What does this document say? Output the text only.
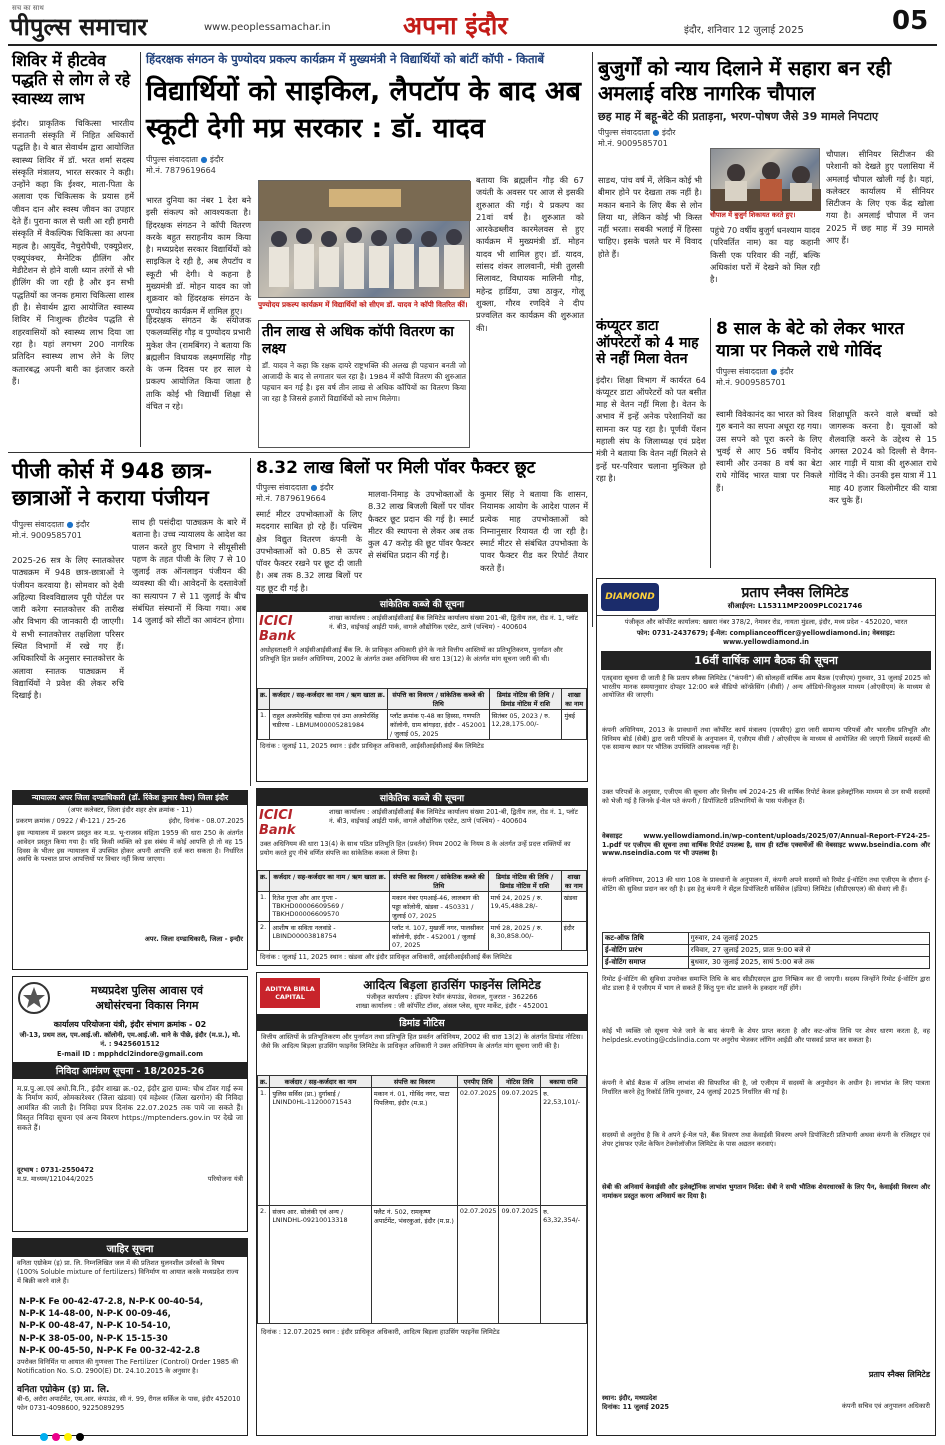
सच का साथ
पीपुल्स समाचार	www.peoplessamachar.in	अपना इंदौर	इंदौर, शनिवार 12 जुलाई 2025	05
शिविर में हीटवेव पद्धति से लोग ले रहे स्वास्थ्य लाभ
इंदौर। प्राकृतिक चिकित्सा भारतीय सनातनी संस्कृति में निहित अधिकारों पद्धति है। ये बात सेवार्थम द्वारा आयोजित स्वास्थ्य शिविर में डॉ. भरत शर्मा सदस्य संस्कृति मंत्रालय, भारत सरकार ने कही। उन्होंने कहा कि ईश्वर, माता-पिता के अलावा एक चिकित्सक के प्रयास हमें जीवन दान और स्वस्थ जीवन का उपहार देते हैं। पुराना काल से चली आ रही हमारी संस्कृति में वैकल्पिक चिकित्सा का अपना महत्व है। आयुर्वेद, नैचुरोपैथी, एक्यूप्रेशर, एक्यूपंक्चर, मैग्नेटिक हीलिंग और मेडीटेशन से होने वाली ध्यान तरंगों से भी हीलिंग की जा रही है और इन सभी पद्धतियों का जनक हमारा चिकित्सा शास्त्र ही है। सेवार्थम द्वारा आयोजित स्वास्थ्य शिविर में निःशुल्क हीटवेव पद्धति से शहरवासियों को स्वास्थ्य लाभ दिया जा रहा है। यहां लगभग 200 नागरिक प्रतिदिन स्वास्थ्य लाभ लेने के लिए कतारबद्ध अपनी बारी का इंतजार करते हैं।
हिंदरक्षक संगठन के पुण्योदय प्रकल्प कार्यक्रम में मुख्यमंत्री ने विद्यार्थियों को बांटीं कॉपी - किताबें
विद्यार्थियों को साइकिल, लैपटॉप के बाद अब स्कूटी देगी मप्र सरकार : डॉ. यादव
पीपुल्स संवाददाता ● इंदौर
मो.नं. 7879619664
भारत दुनिया का नंबर 1 देश बने इसी संकल्प को आवश्यकता है। हिंदरक्षक संगठन ने कॉपी वितरण करके बहुत सराहनीय काम किया है। मध्यप्रदेश सरकार विद्यार्थियों को साइकिल दे रही है, अब लैपटॉप व स्कूटी भी देगी। ये कहना है मुख्यमंत्री डॉ. मोहन यादव का जो शुक्रवार को हिंदरक्षक संगठन के पुण्योदय कार्यक्रम में शामिल हुए।
हिंदरक्षक संगठन के संयोजक एकलव्यसिंह गौड़ व पुण्योदय प्रभारी मुकेश जैन (रामबिंगर) ने बताया कि ब्रह्मलीन विधायक लक्ष्मणसिंह गौड़ के जन्म दिवस पर हर साल ये प्रकल्प आयोजित किया जाता है ताकि कोई भी विद्यार्थी शिक्षा से वंचित न रहे।
पुण्योदय प्रकल्प कार्यक्रम में विद्यार्थियों को सीएम डॉ. यादव ने कॉपी वितरित कीं।
तीन लाख से अधिक कॉपी वितरण का लक्ष्य
डॉ. यादव ने कहा कि रक्षक दायरे राष्ट्रभक्ति की अलख ही पहचान बनती जो आजादी के बाद से लगातार चल रहा है। 1984 में कॉपी वितरण की शुरुआत पहचान बन गई है। इस वर्ष तीन लाख से अधिक कॉपियों का वितरण किया जा रहा है जिससे हजारों विद्यार्थियों को लाभ मिलेगा।
बताया कि ब्रह्मलीन गौड़ की 67 जयंती के अवसर पर आज से इसकी शुरुआत की गई। ये प्रकल्प का 21वां वर्ष है। शुरुआत को आरकेडब्लीव कारमेलवस से हुए कार्यक्रम में मुख्यमंत्री डॉ. मोहन यादव भी शामिल हुए। डॉ. यादव, सांसद शंकर लालवानी, मंत्री तुलसी सिलावट, विधायक मालिनी गौड़, महेन्द्र हार्डिया, उषा ठाकुर, गोलू शुक्ला, गौरव रणदिवे ने दीप प्रज्वलित कर कार्यक्रम की शुरुआत की।
बुजुर्गों को न्याय दिलाने में सहारा बन रही अमलाई वरिष्ठ नागरिक चौपाल
छह माह में बहू-बेटे की प्रताड़ना, भरण-पोषण जैसे 39 मामले निपटाए
पीपुल्स संवाददाता ● इंदौर
मो.नं. 9009585701
साडथ, पांच वर्ष में, लेकिन कोई भी बीमार होने पर देखता तक नहीं है। मकान बनाने के लिए बैंक से लोन लिया था, लेकिन कोई भी किस्त नहीं भरता। सबकी भलाई में हिस्सा चाहिए। इसके चलते घर में विवाद होते हैं।
चौपाल में बुजुर्ग शिकायत करते हुए।
पहुंचे 70 वर्षीय बुजुर्ग धनश्याम यादव (परिवर्तित नाम) का यह कहानी किसी एक परिवार की नहीं, बल्कि अधिकांश घरों में देखने को मिल रही है।
चौपाल। सीनियर सिटीजन की परेशानी को देखते हुए पलासिया में अमलाई चौपाल खोली गई है। यहां, कलेक्टर कार्यालय में सीनियर सिटीजन के लिए एक केंद्र खोला गया है। अमलाई चौपाल में जन 2025 में छह माह में 39 मामले आए हैं।
कंप्यूटर डाटा ऑपरेटरों को 4 माह से नहीं मिला वेतन
इंदौर। शिक्षा विभाग में कार्यरत 64 कंप्यूटर डाटा ऑपरेटरों को पत बसीत माह से वेतन नहीं मिला है। वेतन के अभाव में इन्हें अनेक परेशानियों का सामना कर पड़ रहा है। पूर्णवी पेंशन महाली संघ के जिलाध्यक्ष एवं प्रदेश मंत्री ने बताया कि वेतन नहीं मिलने से इन्हें घर-परिवार चलाना मुश्किल हो रहा है।
8 साल के बेटे को लेकर भारत यात्रा पर निकले राधे गोविंद
पीपुल्स संवाददाता ● इंदौर
मो.नं. 9009585701
स्वामी विवेकानंद का भारत को विश्व गुरु बनाने का सपना अधूरा रह गया। उस सपने को पूरा करने के लिए भुवई से आए 56 वर्षीय विनोद स्वामी और उनका 8 वर्ष का बेटा राधे गोविंद भारत यात्रा पर निकले हैं।
शिक्षाधूति करने वाले बच्चों को जागरूक करना है। यूवाओं को शैलवाज़ि करने के उद्देश्य से 15 अगस्त 2024 को दिल्ली से वैगन-आर गाड़ी में यात्रा की शुरुआत राधे गोविंद ने की। उनकी इस यात्रा में 11 माह 40 हजार किलोमीटर की यात्रा कर चुके हैं।
पीजी कोर्स में 948 छात्र-छात्राओं ने कराया पंजीयन
पीपुल्स संवाददाता ● इंदौर
मो.नं. 9009585701
2025-26 सत्र के लिए स्नातकोत्तर पाठ्यक्रम में 948 छात्र-छात्राओं ने पंजीयन करवाया है। सोमवार को देवी अहिल्या विश्वविद्यालय पूरी पोर्टल पर जारी करेगा स्नातकोत्तर की तारीख और विभाग की जानकारी दी जाएगी। ये सभी स्नातकोत्तर तक्षशिला परिसर स्थित विभागों में रखे गए हैं। अधिकारियों के अनुसार स्नातकोत्तर के अलावा स्नातक पाठ्यक्रम में विद्यार्थियों ने प्रवेश की लेकर रुचि दिखाई है।
साथ ही पसंदीदा पाठ्यक्रम के बारे में बताना है। उच्च न्यायालय के आदेश का पालन करते हुए विभाग ने सीयूसीसी पहण के तहत पीजी के लिए 7 से 10 जुलाई तक ऑनलाइन पंजीयन की व्यवस्था की थी। आवेदनों के दस्तावेजों का सत्यापन 7 से 11 जुलाई के बीच संबंधित संस्थानों में किया गया। अब 14 जुलाई को सीटों का आवंटन होगा।
8.32 लाख बिलों पर मिली पॉवर फैक्टर छूट
पीपुल्स संवाददाता ● इंदौर
मो.नं. 7879619664
स्मार्ट मीटर उपभोक्ताओं के लिए मददगार साबित हो रहे हैं। पश्चिम क्षेत्र विद्युत वितरण कंपनी के उपभोक्ताओं को 0.85 से ऊपर पॉवर फैक्टर रखने पर छूट दी जाती है। अब तक 8.32 लाख बिलों पर यह छूट दी गई है।
मालवा-निमाड़ के उपभोक्ताओं के 8.32 लाख बिजली बिलों पर पॉवर फैक्टर छूट प्रदान की गई है। स्मार्ट मीटर की स्थापना से लेकर अब तक कुल 47 करोड़ की छूट पॉवर फैक्टर से संबंधित प्रदान की गई है।
कुमार सिंह ने बताया कि शासन, नियामक आयोग के आदेश पालन में प्रत्येक माह उपभोक्ताओं को निम्नानुसार रियायत दी जा रही है। स्मार्ट मीटर से संबंधित उपभोक्ता के पावर फैक्टर रीड कर रिपोर्ट तैयार करते हैं।
सांकेतिक कब्जे की सूचना
ICICI Bank
शाखा कार्यालय : आईसीआईसीआई बैंक लिमिटेड कार्यालय संख्या 201-बी, द्वितीय तल, रोड नं. 1, प्लॉट नं. बी3, वाईफाई आईटी पार्क, वागले औद्योगिक एस्टेट, ठाणे (पश्चिम) - 400604
अधोहस्ताक्षरी ने आईसीआईसीआई बैंक लि. के प्राधिकृत अधिकारी होने के नाते वित्तीय आस्तियों का प्रतिभूतिकरण, पुनर्गठन और प्रतिभूति हित प्रवर्तन अधिनियम, 2002 के अंतर्गत उक्त अधिनियम की धारा 13(12) के अंतर्गत मांग सूचना जारी की थी।
क्र.	कर्जदार / सह-कर्जदार का नाम / ऋण खाता क्र.	संपत्ति का विवरण / सांकेतिक कब्जे की तिथि	डिमांड नोटिस की तिथि / डिमांड नोटिस में राशि	शाखा का नाम
1.	राहुल अजमेरसिंह चडीरया एवं उमा अजमेरसिंह चडीरया - LBMUM00005281984	प्लॉट क्रमांक ए-48 का हिस्सा, गणपति कॉलोनी, ग्राम बांगड़दा, इंदौर - 452001 / जुलाई 05, 2025	सितंबर 05, 2023 / रु. 12,28,175.00/-	मुंबई
दिनांक : जुलाई 11, 2025 स्थान : इंदौर प्राधिकृत अधिकारी, आईसीआईसीआई बैंक लिमिटेड
DIAMOND	प्रताप स्नैक्स लिमिटेड
सीआईएन: L15311MP2009PLC021746
पंजीकृत और कॉर्पोरेट कार्यालय: खसरा नंबर 378/2, नेमावर रोड, नायता मुंडला, इंदौर, मध्य प्रदेश - 452020, भारत
फोन: 0731-2437679; ई-मेल: complianceofficer@yellowdiamond.in; वेबसाइट: www.yellowdiamond.in
16वीं वार्षिक आम बैठक की सूचना
एतद्द्वारा सूचना दी जाती है कि प्रताप स्नैक्स लिमिटेड ("कंपनी") की सोलहवीं वार्षिक आम बैठक (एजीएम) गुरुवार, 31 जुलाई 2025 को भारतीय मानक समयानुसार दोपहर 12:00 बजे वीडियो कॉन्फ्रेंसिंग (वीसी) / अन्य ऑडियो-विजुअल माध्यम (ओएवीएम) के माध्यम से आयोजित की जाएगी।
कंपनी अधिनियम, 2013 के प्रावधानों तथा कॉर्पोरेट कार्य मंत्रालय (एमसीए) द्वारा जारी सामान्य परिपत्रों और भारतीय प्रतिभूति और विनिमय बोर्ड (सेबी) द्वारा जारी परिपत्रों के अनुपालन में, एजीएम वीसी / ओएवीएम के माध्यम से आयोजित की जाएगी जिसमें सदस्यों की एक सामान्य स्थान पर भौतिक उपस्थिति आवश्यक नहीं है।
उक्त परिपत्रों के अनुसार, एजीएम की सूचना और वित्तीय वर्ष 2024-25 की वार्षिक रिपोर्ट केवल इलेक्ट्रॉनिक माध्यम से उन सभी सदस्यों को भेजी गई है जिनके ई-मेल पते कंपनी / डिपॉजिटरी प्रतिभागियों के पास पंजीकृत हैं।
वेबसाइट www.yellowdiamond.in/wp-content/uploads/2025/07/Annual-Report-FY24-25-1.pdf पर एजीएम की सूचना तथा वार्षिक रिपोर्ट उपलब्ध है, साथ ही स्टॉक एक्सचेंजों की वेबसाइट www.bseindia.com और www.nseindia.com पर भी उपलब्ध है।
कंपनी अधिनियम, 2013 की धारा 108 के प्रावधानों के अनुपालन में, कंपनी अपने सदस्यों को रिमोट ई-वोटिंग तथा एजीएम के दौरान ई-वोटिंग की सुविधा प्रदान कर रही है। इस हेतु कंपनी ने सेंट्रल डिपॉजिटरी सर्विसेज (इंडिया) लिमिटेड (सीडीएसएल) की सेवाएं ली हैं।
कट-ऑफ तिथि	गुरुवार, 24 जुलाई 2025
ई-वोटिंग प्रारंभ	रविवार, 27 जुलाई 2025, प्रातः 9:00 बजे से
ई-वोटिंग समाप्त	बुधवार, 30 जुलाई 2025, सायं 5:00 बजे तक
रिमोट ई-वोटिंग की सुविधा उपरोक्त समाप्ति तिथि के बाद सीडीएसएल द्वारा निष्क्रिय कर दी जाएगी। सदस्य जिन्होंने रिमोट ई-वोटिंग द्वारा वोट डाला है वे एजीएम में भाग ले सकते हैं किंतु पुनः वोट डालने के हकदार नहीं होंगे।
कोई भी व्यक्ति जो सूचना भेजे जाने के बाद कंपनी के शेयर प्राप्त करता है और कट-ऑफ तिथि पर शेयर धारण करता है, वह helpdesk.evoting@cdslindia.com पर अनुरोध भेजकर लॉगिन आईडी और पासवर्ड प्राप्त कर सकता है।
कंपनी ने बोर्ड बैठक में अंतिम लाभांश की सिफारिश की है, जो एजीएम में सदस्यों के अनुमोदन के अधीन है। लाभांश के लिए पात्रता निर्धारित करने हेतु रिकॉर्ड तिथि गुरुवार, 24 जुलाई 2025 निर्धारित की गई है।
सदस्यों से अनुरोध है कि वे अपने ई-मेल पते, बैंक विवरण तथा केवाईसी विवरण अपने डिपॉजिटरी प्रतिभागी अथवा कंपनी के रजिस्ट्रार एवं शेयर ट्रांसफर एजेंट केफिन टेक्नोलॉजीज लिमिटेड के पास अद्यतन करवाएं।
सेबी की अनिवार्य केवाईसी और इलेक्ट्रॉनिक लाभांश भुगतान निर्देश: सेबी ने सभी भौतिक शेयरधारकों के लिए पैन, केवाईसी विवरण और नामांकन प्रस्तुत करना अनिवार्य कर दिया है।
प्रताप स्नैक्स लिमिटेड
स्थान: इंदौर, मध्यप्रदेश
दिनांक: 11 जुलाई 2025	कंपनी सचिव एवं अनुपालन अधिकारी
न्यायालय अपर जिला दण्डाधिकारी (डॉ. रिंकेश कुमार वैश्य) जिला इंदौर
(अपर कलेक्टर, जिला इंदौर शहर क्षेत्र क्रमांक - 11)
प्रकरण क्रमांक / 0922 / बी-121 / 25-26	इंदौर, दिनांक - 08.07.2025
इस न्यायालय में प्रकरण प्रस्तुत कर म.प्र. भू-राजस्व संहिता 1959 की धारा 250 के अंतर्गत आवेदन प्रस्तुत किया गया है। यदि किसी व्यक्ति को इस संबंध में कोई आपत्ति हो तो वह 15 दिवस के भीतर इस न्यायालय में उपस्थित होकर अपनी आपत्ति दर्ज करा सकता है। निर्धारित अवधि के पश्चात प्राप्त आपत्तियों पर विचार नहीं किया जाएगा।
अपर. जिला दण्डाधिकारी, जिला - इन्दौर
सांकेतिक कब्जे की सूचना
ICICI Bank
शाखा कार्यालय : आईसीआईसीआई बैंक लिमिटेड कार्यालय संख्या 201-बी, द्वितीय तल, रोड नं. 1, प्लॉट नं. बी3, वाईफाई आईटी पार्क, वागले औद्योगिक एस्टेट, ठाणे (पश्चिम) - 400604
उक्त अधिनियम की धारा 13(4) के साथ पठित प्रतिभूति हित (प्रवर्तन) नियम 2002 के नियम 8 के अंतर्गत उन्हें प्रदत्त शक्तियों का प्रयोग करते हुए नीचे वर्णित संपत्ति का सांकेतिक कब्जा ले लिया है।
क्र.	कर्जदार / सह-कर्जदार का नाम / ऋण खाता क्र.	संपत्ति का विवरण / सांकेतिक कब्जे की तिथि	डिमांड नोटिस की तिथि / डिमांड नोटिस में राशि	शाखा का नाम
1.	रितेश गुप्ता और आर गुप्ता - TBKHD00006609569 / TBKHD00006609570	मकान नंबर एमआई-46, लालबाग की पड्डा कॉलोनी, खंडवा - 450331 / जुलाई 07, 2025	मार्च 24, 2025 / रु. 19,45,488.28/-	खंडवा
2.	आशीष वा सविता नलवांडे - LBIND00003818754	प्लॉट नं. 107, मुखर्जी नगर, पालसीकर कॉलोनी, इंदौर - 452001 / जुलाई 07, 2025	मार्च 28, 2025 / रु. 8,30,858.00/-	इंदौर
दिनांक : जुलाई 11, 2025 स्थान : खंडवा और इंदौर प्राधिकृत अधिकारी, आईसीआईसीआई बैंक लिमिटेड
मध्यप्रदेश पुलिस आवास एवं
अधोसंरचना विकास निगम
कार्यालय परियोजना यंत्री, इंदौर संभाग क्रमांक - 02
जी-13, प्रथम तल, एम.आई.जी. कॉलोनी, एम.आई.जी. थाने के पीछे, इंदौर (म.प्र.), मो. नं. : 9425601512
E-mail ID : mpphdcl2indore@gmail.com
निविदा आमंत्रण सूचना - 18/2025-26
म.प्र.पु.आ.एवं अधो.वि.नि., इंदौर शाखा क्र.-02, इंदौर द्वारा ग्राम्य: चौथ टॉवर गाई रूम के निर्माण कार्य, ओमकारेश्वर (जिला खंडवा) एवं महेश्वर (जिला खरगोन) की निविदा आमंत्रित की जाती है। निविदा प्रपत्र दिनांक 22.07.2025 तक पाये जा सकते हैं। विस्तृत निविदा सूचना एवं अन्य विवरण https://mptenders.gov.in पर देखे जा सकते हैं।
दूरभाष : 0731-2550472
म.प्र. माध्यम/121044/2025	परियोजना यंत्री
जाहिर सूचना
वनिता एग्रोकेम (इ) प्रा. लि. निम्नलिखित जल में की प्रतिशत घुलनशील उर्वरकों के विषय (100% Soluble mixture of fertilizers) विनिर्माण या आयात करके मध्यप्रदेश राज्य में बिक्री करने वाले हैं।
N-P-K Fe 00-42-47-2.8, N-P-K 00-40-54,
N-P-K 14-48-00, N-P-K 00-09-46,
N-P-K 00-48-47, N-P-K 10-54-10,
N-P-K 38-05-00, N-P-K 15-15-30
N-P-K 00-45-50, N-P-K Fe 00-32-42-2.8
उपरोक्त विनिर्मित या आयात की गुणवत्ता The Fertilizer (Control) Order 1985 की Notification No. S.O. 2900(E) Dt. 24.10.2015 के अनुसार है।
वनिता एग्रोकेम (इ) प्रा. लि.
बी-6, अरोरा अपार्टमेंट, एम.आर. कंपाउंड, सी नं. 99, रीगल सर्किल के पास, इंदौर 452010 फोन 0731-4098600, 9225089295
ADITYA BIRLA CAPITAL
आदित्य बिड़ला हाउसिंग फाइनेंस लिमिटेड
पंजीकृत कार्यालय : इंडियन रेयॉन कंपाउंड, वेरावल, गुजरात - 362266
शाखा कार्यालय : जी कॉर्पोरेट टॉवर, अंसल प्लेस, सुपर मार्केट, इंदौर - 452001
डिमांड नोटिस
वित्तीय आस्तियों के प्रतिभूतिकरण और पुनर्गठन तथा प्रतिभूति हित प्रवर्तन अधिनियम, 2002 की धारा 13(2) के अंतर्गत डिमांड नोटिस। जैसे कि आदित्य बिड़ला हाउसिंग फाइनेंस लिमिटेड के प्राधिकृत अधिकारी ने उक्त अधिनियम के अंतर्गत मांग सूचना जारी की है।
क्र.	कर्जदार / सह-कर्जदार का नाम	संपत्ति का विवरण	एनपीए तिथि	नोटिस तिथि	बकाया राशि
1.	पुलिस सर्विस (प्रा.) दुर्गाबाई / LNIND0HL-11200071543	मकान नं. 01, गोविंद नगर, पाटा पिपलिया, इंदौर (म.प्र.)	02.07.2025	09.07.2025	रु. 22,53,101/-
2.	संजय आर. सोलंकी एवं अन्य / LNINDHL-09210013318	फ्लैट नं. 502, रामकृष्ण अपार्टमेंट, भंवरकुआं, इंदौर (म.प्र.)	02.07.2025	09.07.2025	रु. 63,32,354/-
दिनांक : 12.07.2025 स्थान : इंदौर प्राधिकृत अधिकारी, आदित्य बिड़ला हाउसिंग फाइनेंस लिमिटेड
